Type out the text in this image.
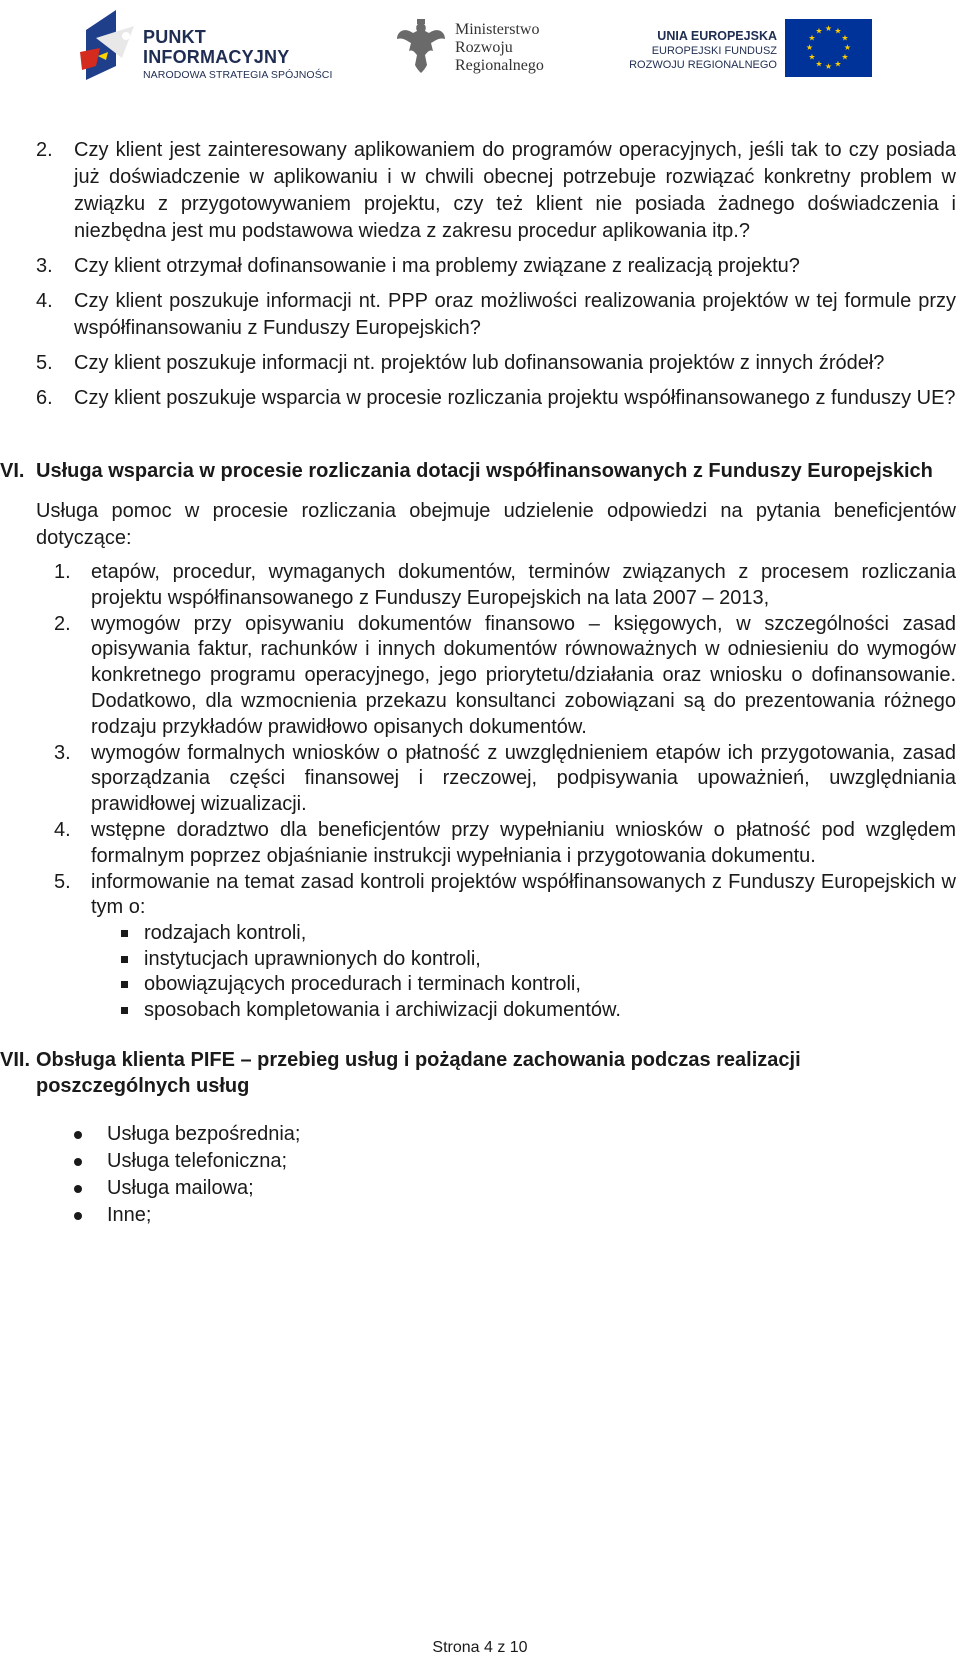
PUNKT
INFORMACYJNY
NARODOWA STRATEGIA SPÓJNOŚCI
Ministerstwo
Rozwoju
Regionalnego
UNIA EUROPEJSKA
EUROPEJSKI FUNDUSZ
ROZWOJU REGIONALNEGO
★ ★
★
★
★
★
★
★
★
★
★
★
2. Czy klient jest zainteresowany aplikowaniem do programów operacyjnych, jeśli tak to czy posiada już doświadczenie w aplikowaniu i w chwili obecnej potrzebuje rozwiązać konkretny problem w związku z przygotowywaniem projektu, czy też klient nie posiada żadnego doświadczenia i niezbędna jest mu podstawowa wiedza z zakresu procedur aplikowania itp.?
3. Czy klient otrzymał dofinansowanie i ma problemy związane z realizacją projektu?
4. Czy klient poszukuje informacji nt. PPP oraz możliwości realizowania projektów w tej formule przy współfinansowaniu z Funduszy Europejskich?
5. Czy klient poszukuje informacji nt. projektów lub dofinansowania projektów z innych źródeł?
6. Czy klient poszukuje wsparcia w procesie rozliczania projektu współfinansowanego z funduszy UE?
VI. Usługa wsparcia w procesie rozliczania dotacji współfinansowanych z Funduszy Europejskich
Usługa pomoc w procesie rozliczania obejmuje udzielenie odpowiedzi na pytania beneficjentów dotyczące:
1. etapów, procedur, wymaganych dokumentów, terminów związanych z procesem rozliczania projektu współfinansowanego z Funduszy Europejskich na lata 2007 – 2013,
2. wymogów przy opisywaniu dokumentów finansowo – księgowych, w szczególności zasad opisywania faktur, rachunków i innych dokumentów równoważnych w odniesieniu do wymogów konkretnego programu operacyjnego, jego priorytetu/działania oraz wniosku o dofinansowanie. Dodatkowo, dla wzmocnienia przekazu konsultanci zobowiązani są do prezentowania różnego rodzaju przykładów prawidłowo opisanych dokumentów.
3. wymogów formalnych wniosków o płatność z uwzględnieniem etapów ich przygotowania, zasad sporządzania części finansowej i rzeczowej, podpisywania upoważnień, uwzględniania prawidłowej wizualizacji.
4. wstępne doradztwo dla beneficjentów przy wypełnianiu wniosków o płatność pod względem formalnym poprzez objaśnianie instrukcji wypełniania i przygotowania dokumentu.
5. informowanie na temat zasad kontroli projektów współfinansowanych z Funduszy Europejskich w tym o:
rodzajach kontroli,
instytucjach uprawnionych do kontroli,
obowiązujących procedurach i terminach kontroli,
sposobach kompletowania i archiwizacji dokumentów.
VII. Obsługa klienta PIFE – przebieg usług i pożądane zachowania podczas realizacji poszczególnych usług
Usługa bezpośrednia;
Usługa telefoniczna;
Usługa mailowa;
Inne;
Strona 4 z 10
